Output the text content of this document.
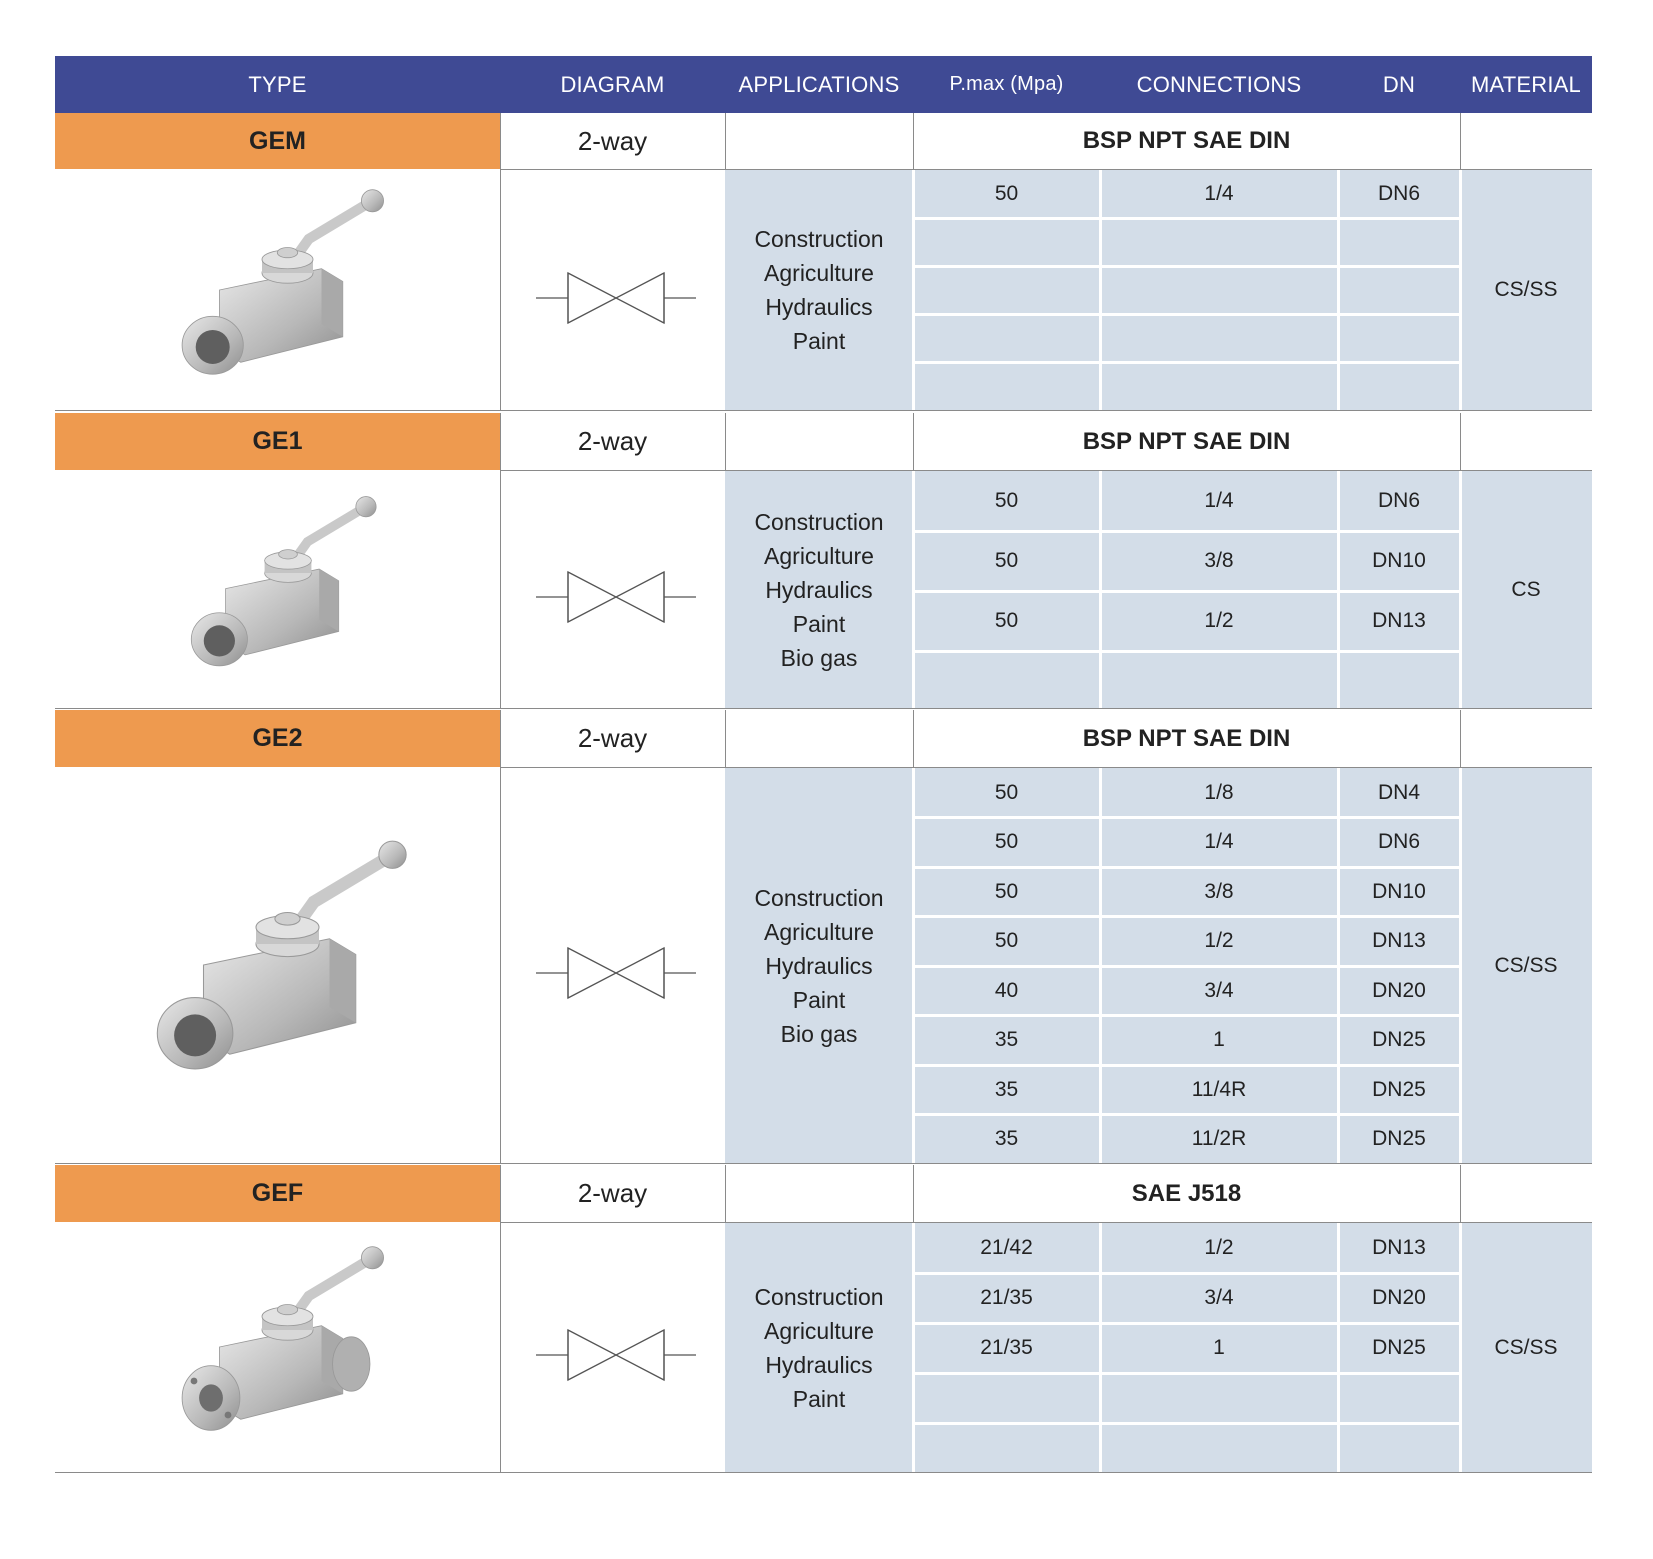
TYPE	DIAGRAM	APPLICATIONS	P.max (Mpa)	CONNECTIONS	DN	MATERIAL
GEM	2-way	BSP NPT SAE DIN
50	1/4	DN6
Construction
Agriculture
Hydraulics
Paint
CS/SS
GE1	2-way	BSP NPT SAE DIN
50	1/4	DN6
50	3/8	DN10
50	1/2	DN13
Construction
Agriculture
Hydraulics
Paint
Bio gas
CS
GE2	2-way	BSP NPT SAE DIN
50	1/8	DN4
50	1/4	DN6
50	3/8	DN10
50	1/2	DN13
40	3/4	DN20
35	1	DN25
35	11/4R	DN25
35	11/2R	DN25
Construction
Agriculture
Hydraulics
Paint
Bio gas
CS/SS
GEF	2-way	SAE J518
21/42	1/2	DN13
21/35	3/4	DN20
21/35	1	DN25
Construction
Agriculture
Hydraulics
Paint
CS/SS
